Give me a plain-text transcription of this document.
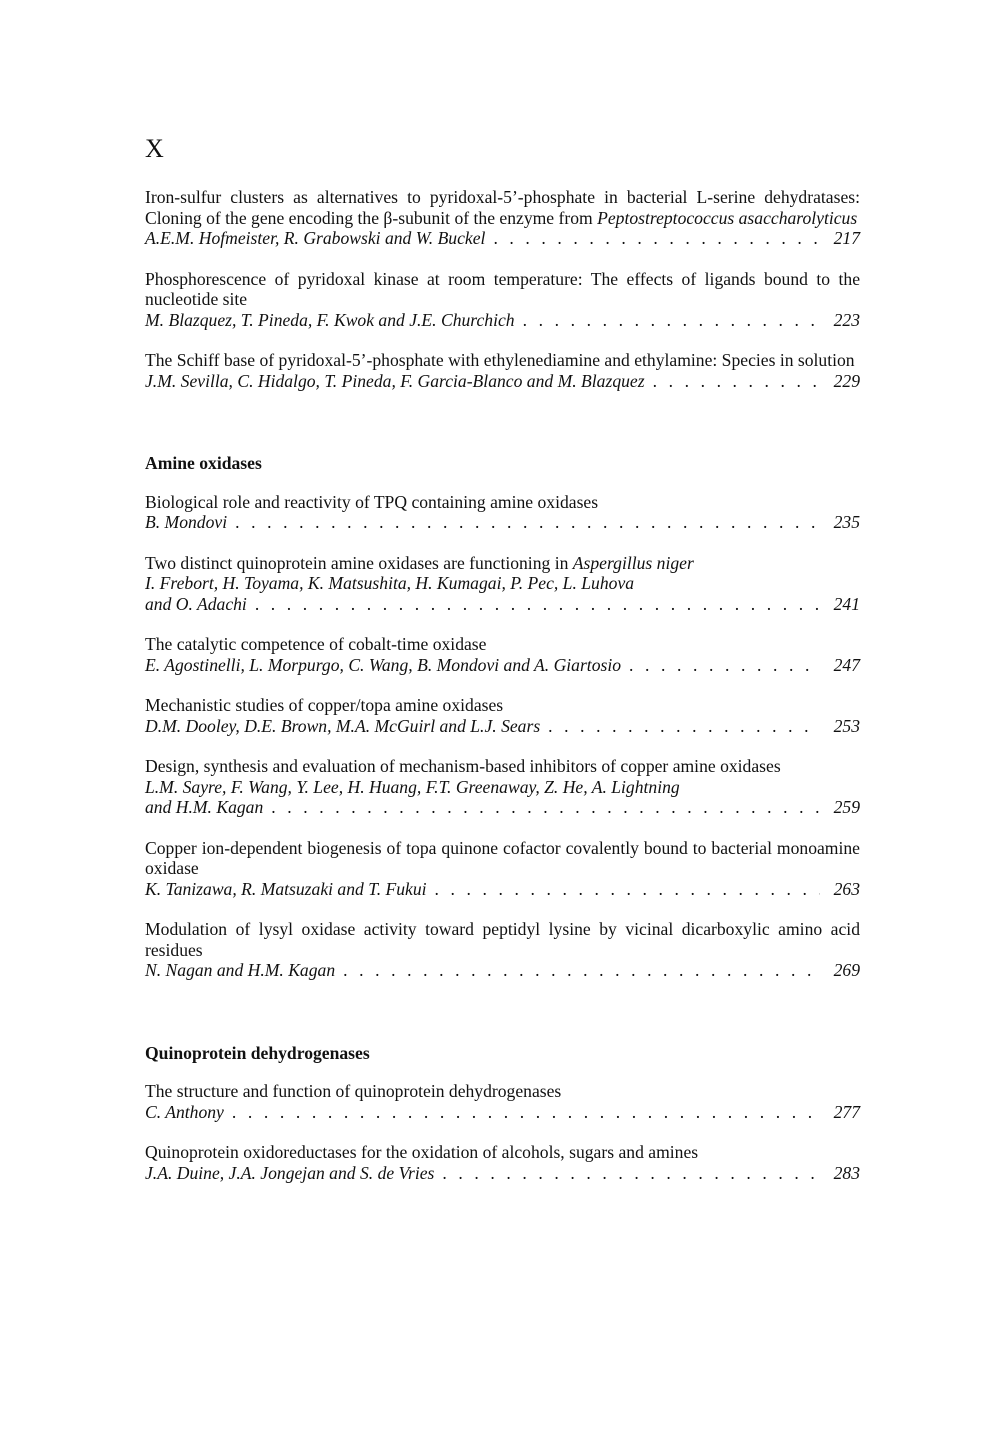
X
Iron-sulfur clusters as alternatives to pyridoxal-5’-phosphate in bacterial L-serine dehydratases: Cloning of the gene encoding the β-subunit of the enzyme from Peptostreptococcus asaccharolyticus
A.E.M. Hofmeister, R. Grabowski and W. Buckel . . .	217
Phosphorescence of pyridoxal kinase at room temperature: The effects of ligands bound to the nucleotide site
M. Blazquez, T. Pineda, F. Kwok and J.E. Churchich . . .	223
The Schiff base of pyridoxal-5’-phosphate with ethylenediamine and ethylamine: Species in solution
J.M. Sevilla, C. Hidalgo, T. Pineda, F. Garcia-Blanco and M. Blazquez . . .	229
Amine oxidases
Biological role and reactivity of TPQ containing amine oxidases
B. Mondovi . . .	235
Two distinct quinoprotein amine oxidases are functioning in Aspergillus niger
I. Frebort, H. Toyama, K. Matsushita, H. Kumagai, P. Pec, L. Luhova
and O. Adachi . . .	241
The catalytic competence of cobalt-time oxidase
E. Agostinelli, L. Morpurgo, C. Wang, B. Mondovi and A. Giartosio . . .	247
Mechanistic studies of copper/topa amine oxidases
D.M. Dooley, D.E. Brown, M.A. McGuirl and L.J. Sears . . .	253
Design, synthesis and evaluation of mechanism-based inhibitors of copper amine oxidases
L.M. Sayre, F. Wang, Y. Lee, H. Huang, F.T. Greenaway, Z. He, A. Lightning
and H.M. Kagan . . .	259
Copper ion-dependent biogenesis of topa quinone cofactor covalently bound to bacterial monoamine oxidase
K. Tanizawa, R. Matsuzaki and T. Fukui . . .	263
Modulation of lysyl oxidase activity toward peptidyl lysine by vicinal dicarboxylic amino acid residues
N. Nagan and H.M. Kagan . . .	269
Quinoprotein dehydrogenases
The structure and function of quinoprotein dehydrogenases
C. Anthony . . .	277
Quinoprotein oxidoreductases for the oxidation of alcohols, sugars and amines
J.A. Duine, J.A. Jongejan and S. de Vries . . .	283
